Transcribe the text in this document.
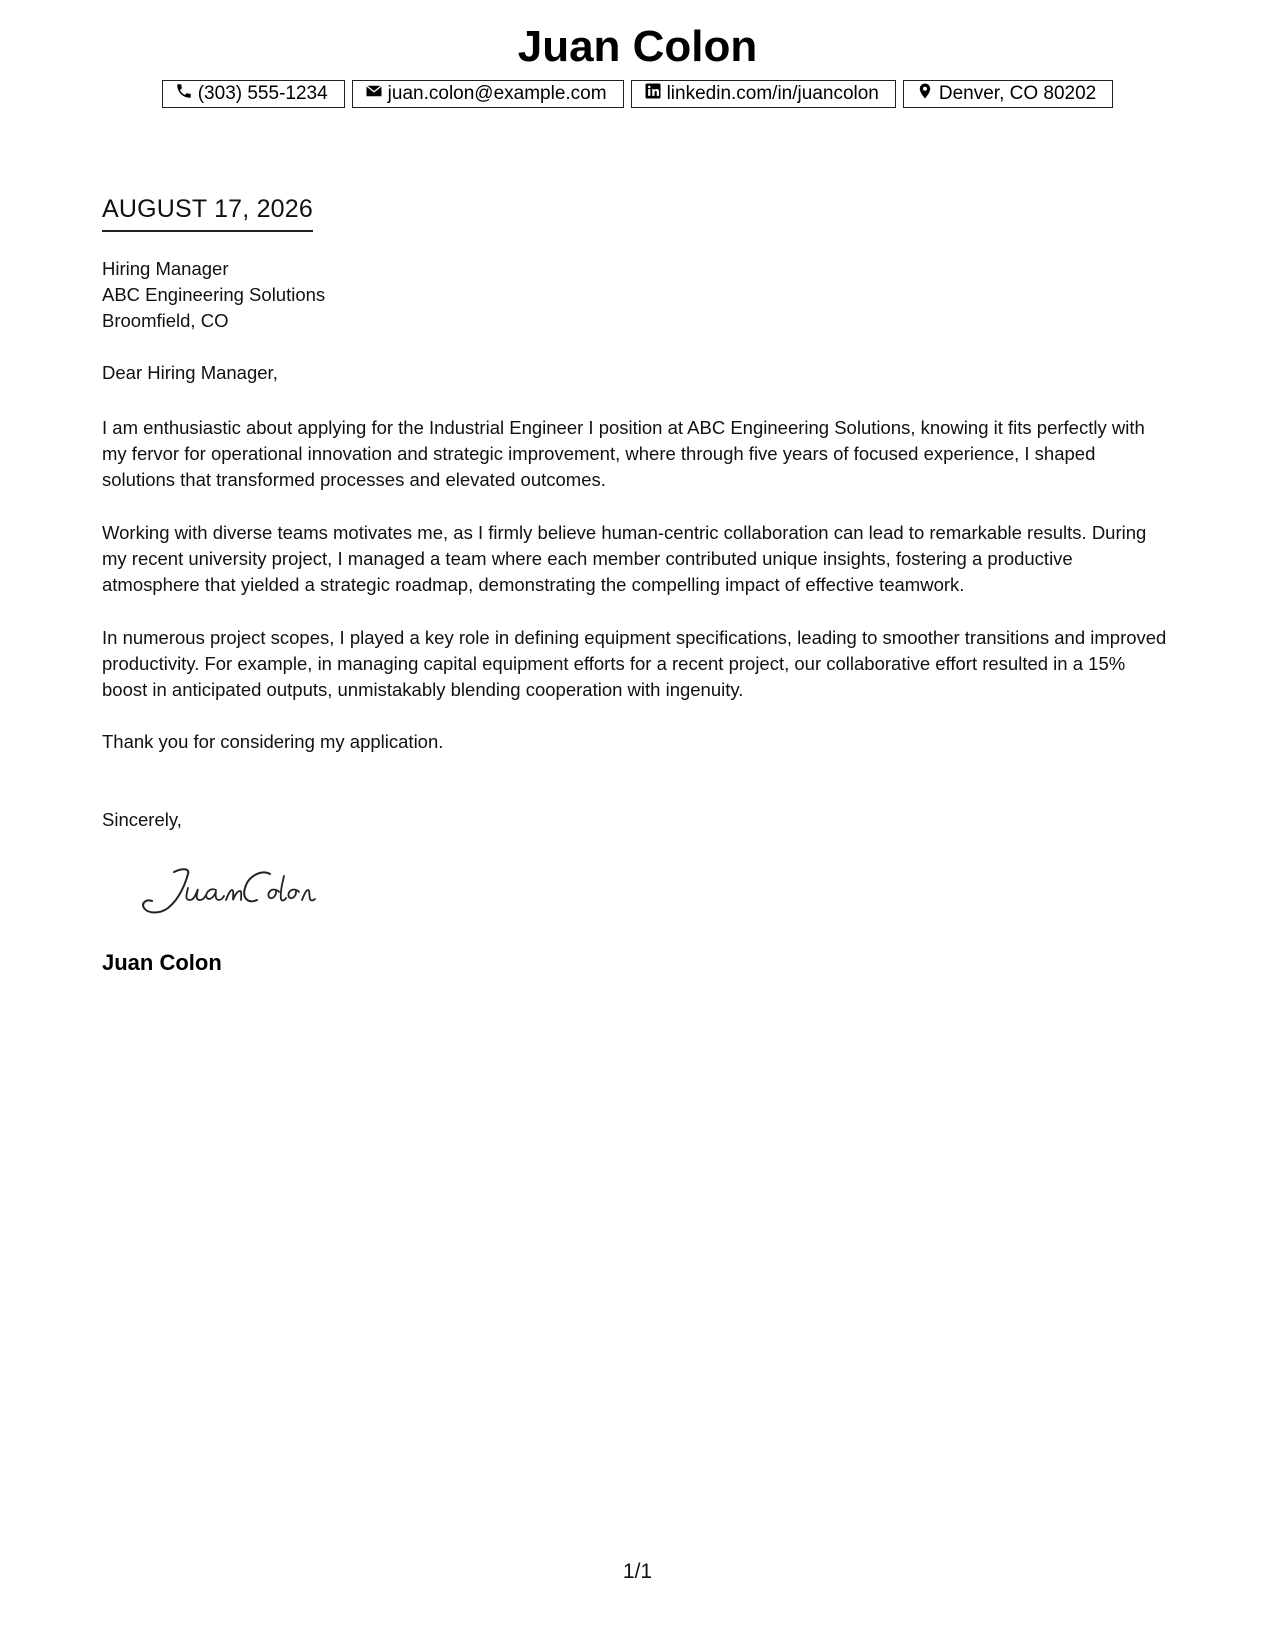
Juan Colon
(303) 555-1234	juan.colon@example.com	linkedin.com/in/juancolon	Denver, CO 80202
AUGUST 17, 2026
Hiring Manager
ABC Engineering Solutions
Broomfield, CO
Dear Hiring Manager,

I am enthusiastic about applying for the Industrial Engineer I position at ABC Engineering Solutions, knowing it fits perfectly with my fervor for operational innovation and strategic improvement, where through five years of focused experience, I shaped solutions that transformed processes and elevated outcomes.

Working with diverse teams motivates me, as I firmly believe human-centric collaboration can lead to remarkable results. During my recent university project, I managed a team where each member contributed unique insights, fostering a productive atmosphere that yielded a strategic roadmap, demonstrating the compelling impact of effective teamwork.

In numerous project scopes, I played a key role in defining equipment specifications, leading to smoother transitions and improved productivity. For example, in managing capital equipment efforts for a recent project, our collaborative effort resulted in a 15% boost in anticipated outputs, unmistakably blending cooperation with ingenuity.

Thank you for considering my application.

Sincerely,
Juan Colon
1/1
